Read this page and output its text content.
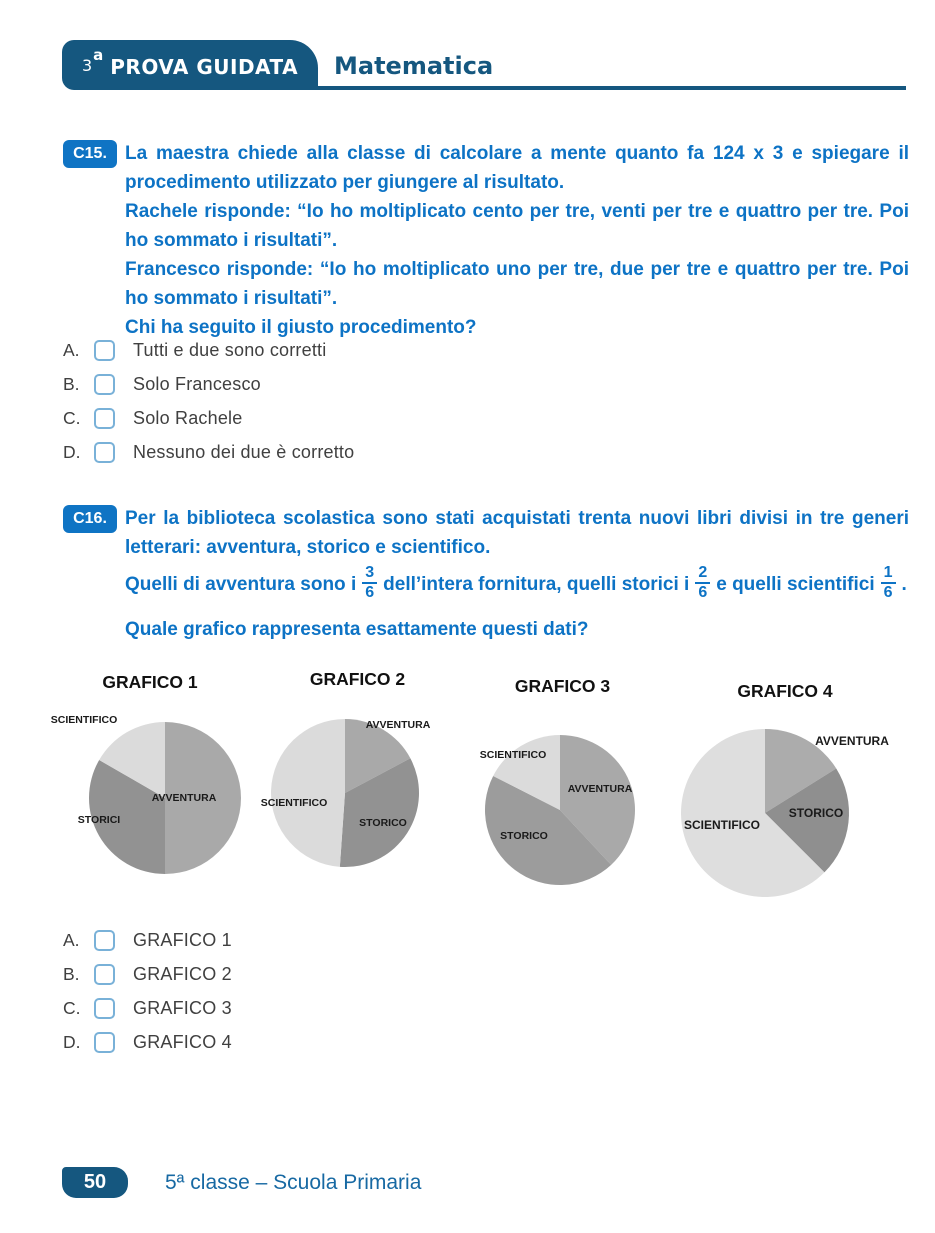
3a
PROVA GUIDATA Matematica
C15. La maestra chiede alla classe di calcolare a mente quanto fa 124 x 3 e spiegare il procedimento utilizzato per giungere al risultato.

Rachele risponde: “Io ho moltiplicato cento per tre, venti per tre e quattro per tre. Poi ho sommato i risultati”.

Francesco risponde: “Io ho moltiplicato uno per tre, due per tre e quattro per tre. Poi ho sommato i risultati”.

Chi ha seguito il giusto procedimento?

A.	Tutti e due sono corretti
B.	Solo Francesco
C.	Solo Rachele
D.	Nessuno dei due è corretto
C16. Per la biblioteca scolastica sono stati acquistati trenta nuovi libri divisi in tre generi letterari: avventura, storico e scientifico.

Quelli di avventura sono i $\frac{3}{6}$ dell’intera fornitura, quelli storici i $\frac{2}{6}$ e quelli scientifici $\frac{1}{6}$ . Quale grafico rappresenta esattamente questi dati?
GRAFICO 1
AVVENTURA
STORICI
SCIENTIFICO
GRAFICO 2
AVVENTURA
STORICO
SCIENTIFICO
GRAFICO 3
AVVENTURA
STORICO
SCIENTIFICO
GRAFICO 4
AVVENTURA
STORICO
SCIENTIFICO
A.	GRAFICO 1
B.	GRAFICO 2
C.	GRAFICO 3
D.	GRAFICO 4
50	5ª classe – Scuola Primaria
